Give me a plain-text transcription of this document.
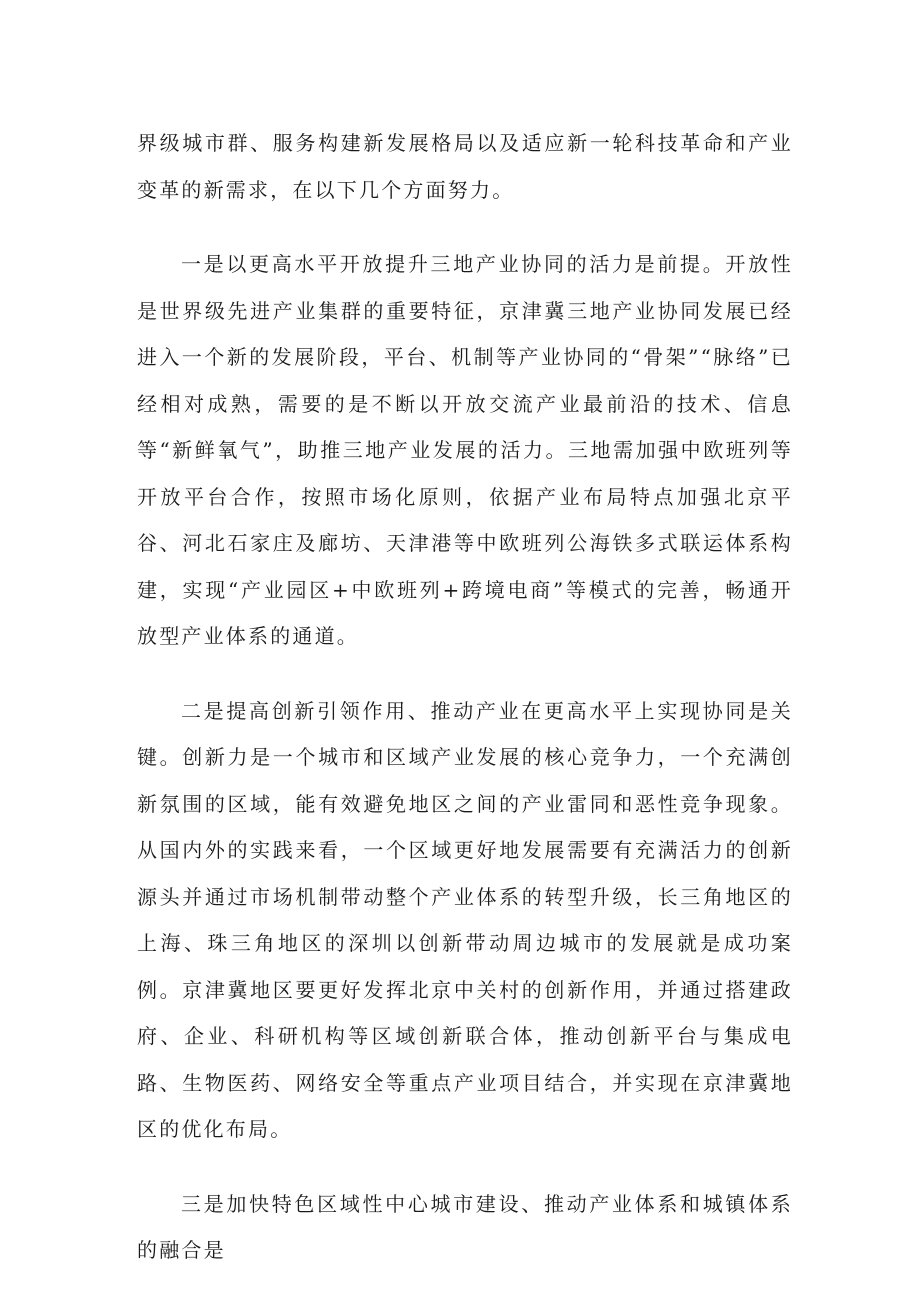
界级城市群、服务构建新发展格局以及适应新一轮科技革命和产业变革的新需求，在以下几个方面努力。

一是以更高水平开放提升三地产业协同的活力是前提。开放性是世界级先进产业集群的重要特征，京津冀三地产业协同发展已经进入一个新的发展阶段，平台、机制等产业协同的“骨架”“脉络”已经相对成熟，需要的是不断以开放交流产业最前沿的技术、信息等“新鲜氧气”，助推三地产业发展的活力。三地需加强中欧班列等开放平台合作，按照市场化原则，依据产业布局特点加强北京平谷、河北石家庄及廊坊、天津港等中欧班列公海铁多式联运体系构建，实现“产业园区+中欧班列+跨境电商”等模式的完善，畅通开放型产业体系的通道。

二是提高创新引领作用、推动产业在更高水平上实现协同是关键。创新力是一个城市和区域产业发展的核心竞争力，一个充满创新氛围的区域，能有效避免地区之间的产业雷同和恶性竞争现象。从国内外的实践来看，一个区域更好地发展需要有充满活力的创新源头并通过市场机制带动整个产业体系的转型升级，长三角地区的上海、珠三角地区的深圳以创新带动周边城市的发展就是成功案例。京津冀地区要更好发挥北京中关村的创新作用，并通过搭建政府、企业、科研机构等区域创新联合体，推动创新平台与集成电路、生物医药、网络安全等重点产业项目结合，并实现在京津冀地区的优化布局。

三是加快特色区域性中心城市建设、推动产业体系和城镇体系的融合是
